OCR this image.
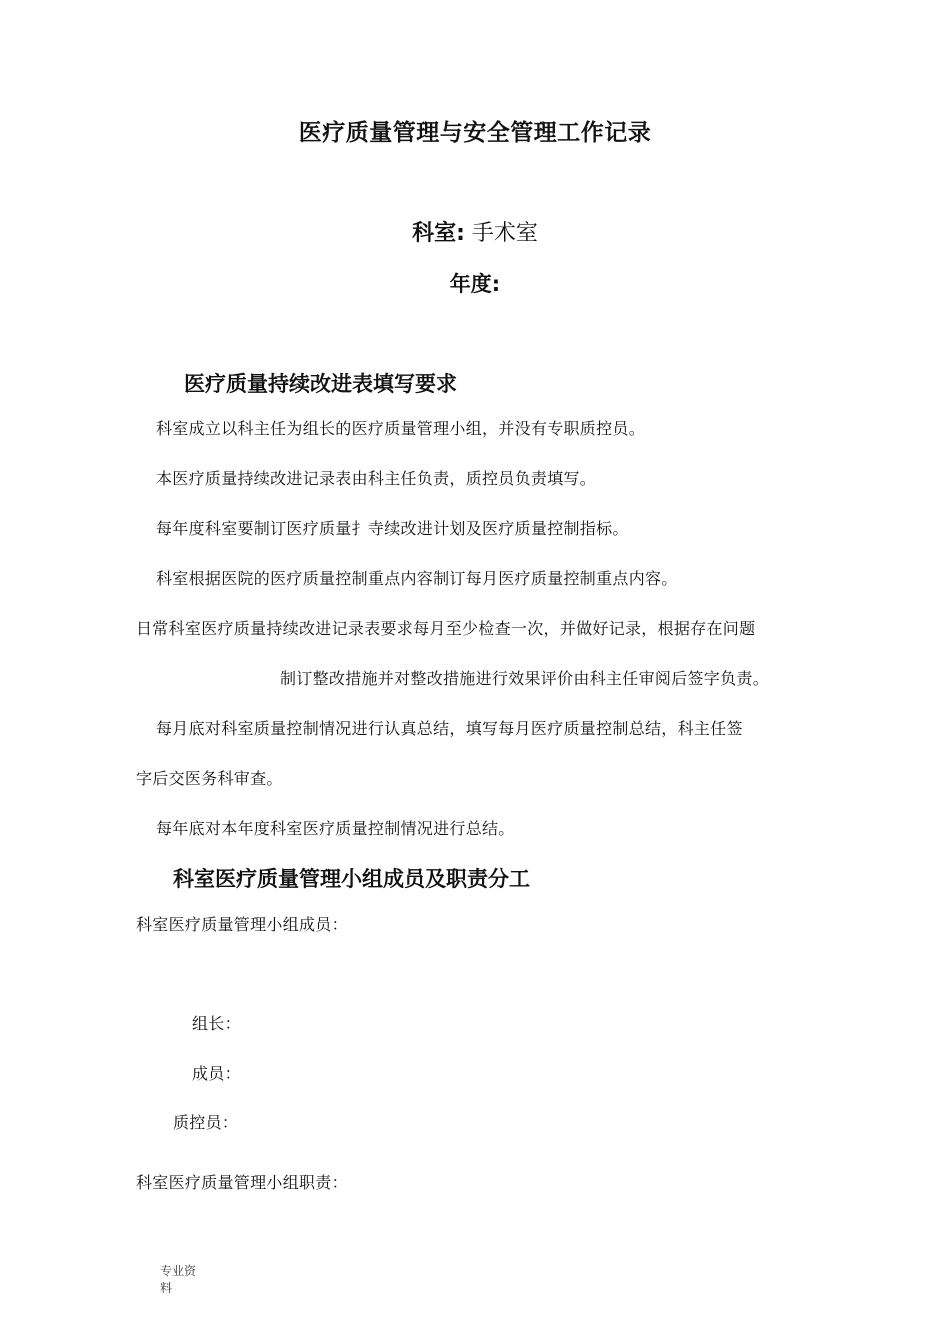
医疗质量管理与安全管理工作记录
科室: 手术室
年度:
医疗质量持续改进表填写要求
科室成立以科主任为组长的医疗质量管理小组，并没有专职质控员。
本医疗质量持续改进记录表由科主任负责，质控员负责填写。
每年度科室要制订医疗质量扌寺续改进计划及医疗质量控制指标。
科室根据医院的医疗质量控制重点内容制订每月医疗质量控制重点内容。
日常科室医疗质量持续改进记录表要求每月至少检查一次，并做好记录，根据存在问题
制订整改措施并对整改措施进行效果评价由科主任审阅后签字负责。
每月底对科室质量控制情况进行认真总结，填写每月医疗质量控制总结，科主任签
字后交医务科审查。
每年底对本年度科室医疗质量控制情况进行总结。
科室医疗质量管理小组成员及职责分工
科室医疗质量管理小组成员：
组长：
成员：
质控员：
科室医疗质量管理小组职责：
专业资
料
